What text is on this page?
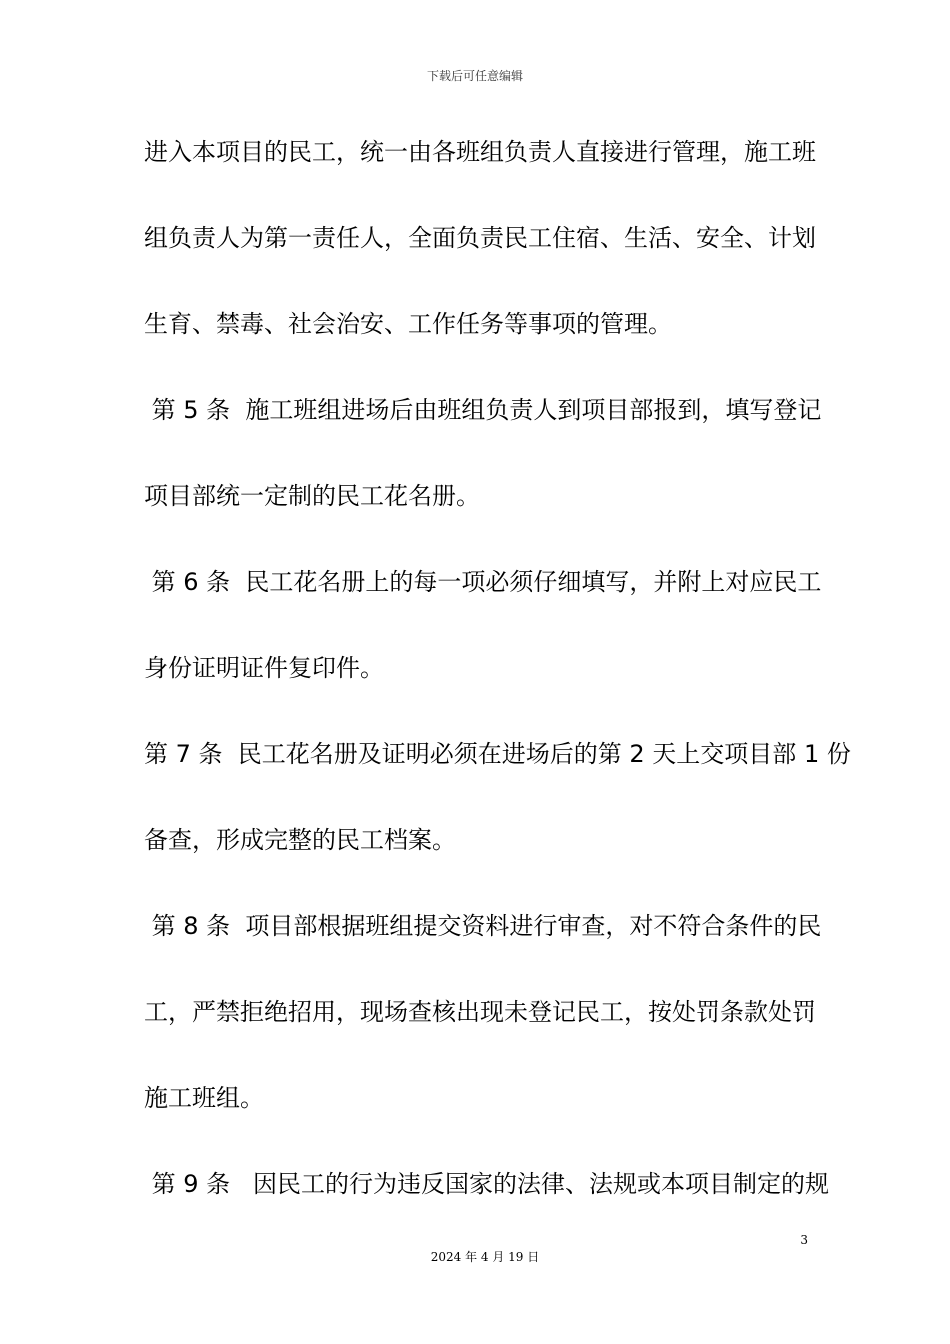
下载后可任意编辑
进入本项目的民工，统一由各班组负责人直接进行管理，施工班
组负责人为第一责任人，全面负责民工住宿、生活、安全、计划
生育、禁毒、社会治安、工作任务等事项的管理。
第 5 条  施工班组进场后由班组负责人到项目部报到，填写登记
项目部统一定制的民工花名册。
第 6 条  民工花名册上的每一项必须仔细填写，并附上对应民工
身份证明证件复印件。
第 7 条  民工花名册及证明必须在进场后的第 2 天上交项目部 1 份
备查，形成完整的民工档案。
第 8 条  项目部根据班组提交资料进行审查，对不符合条件的民
工，严禁拒绝招用，现场查核出现未登记民工，按处罚条款处罚
施工班组。
第 9 条   因民工的行为违反国家的法律、法规或本项目制定的规
3
2024 年 4 月 19 日
